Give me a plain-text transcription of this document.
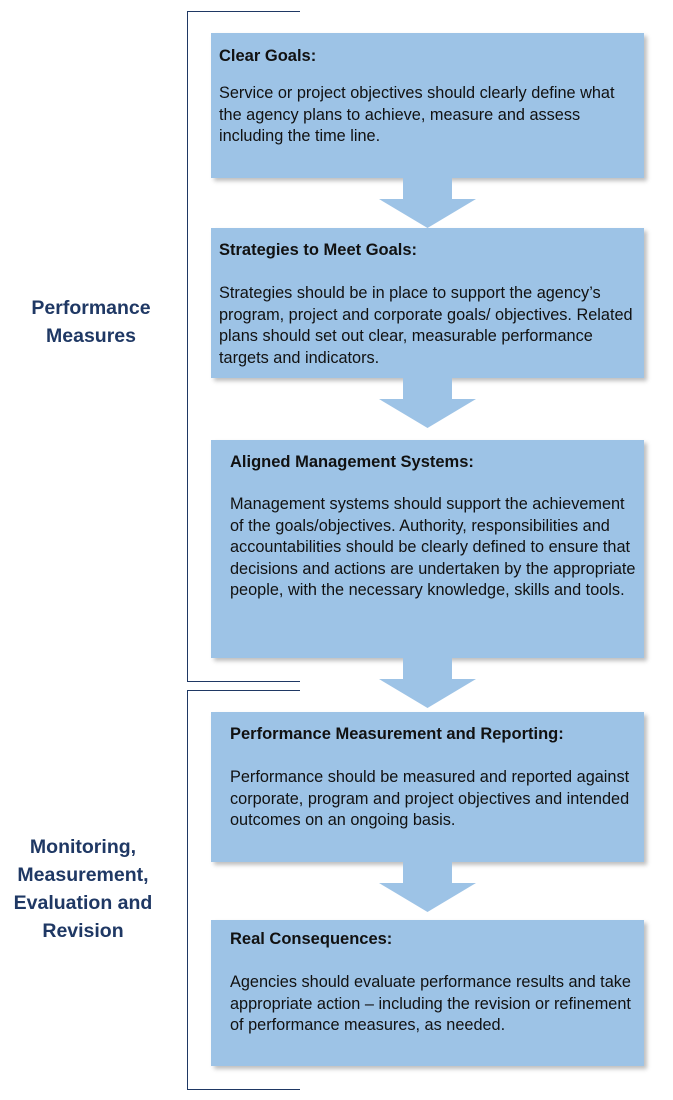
Performance
Measures
Monitoring,
Measurement,
Evaluation and
Revision
Clear Goals:
Service or project objectives should clearly define what the agency plans to achieve, measure and assess including the time line.
Strategies to Meet Goals:
Strategies should be in place to support the agency’s program, project and corporate goals/ objectives. Related plans should set out clear, measurable performance targets and indicators.
Aligned Management Systems:
Management systems should support the achievement of the goals/objectives. Authority, responsibilities and accountabilities should be clearly defined to ensure that decisions and actions are undertaken by the appropriate people, with the necessary knowledge, skills and tools.
Performance Measurement and Reporting:
Performance should be measured and reported against corporate, program and project objectives and intended outcomes on an ongoing basis.
Real Consequences:
Agencies should evaluate performance results and take appropriate action – including the revision or refinement of performance measures, as needed.
